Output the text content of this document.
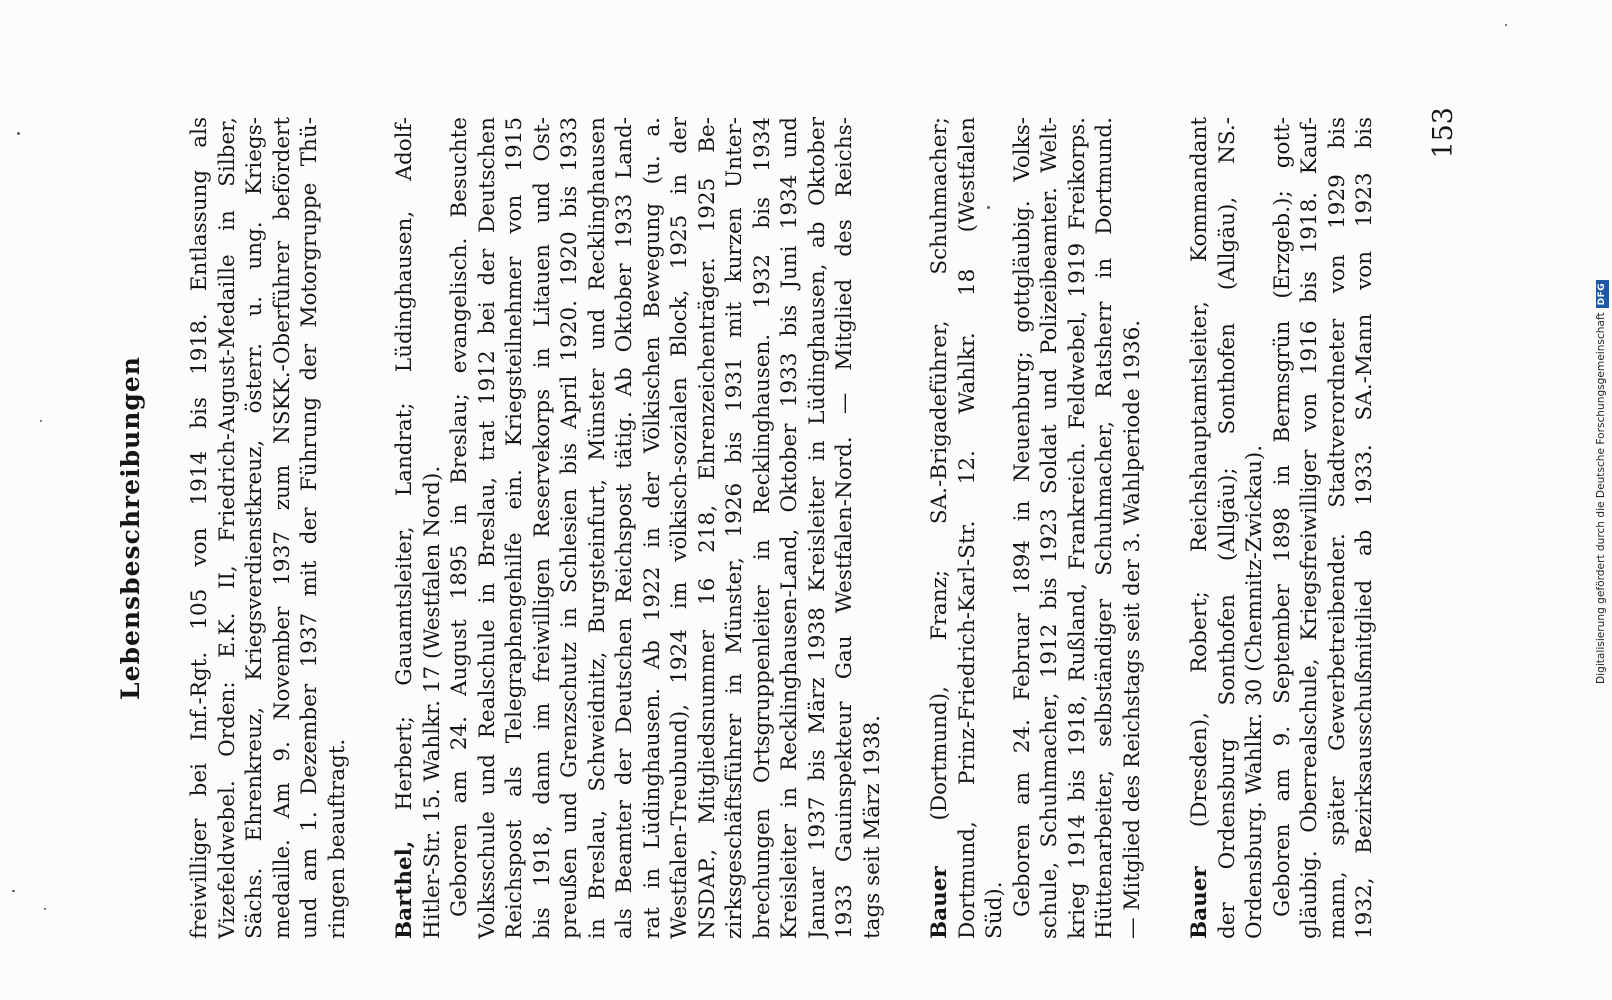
Lebensbeschreibungen freiwilliger bei Inf.-Rgt. 105 von 1914 bis 1918. Entlassung als Vizefeldwebel. Orden: E.K. II, Friedrich-August-Medaille in Silber, Sächs. Ehrenkreuz, Kriegsverdienstkreuz, österr. u. ung. Kriegs- medaille. Am 9. November 1937 zum NSKK.-Oberführer befördert und am 1. Dezember 1937 mit der Führung der Motorgruppe Thü- ringen beauftragt. Barthel, Herbert; Gauamtsleiter, Landrat; Lüdinghausen, Adolf- Hitler-Str. 15. Wahlkr. 17 (Westfalen Nord). Geboren am 24. August 1895 in Breslau; evangelisch. Besuchte Volksschule und Realschule in Breslau, trat 1912 bei der Deutschen Reichspost als Telegraphengehilfe ein. Kriegsteilnehmer von 1915 bis 1918, dann im freiwilligen Reservekorps in Litauen und Ost- preußen und Grenzschutz in Schlesien bis April 1920. 1920 bis 1933 in Breslau, Schweidnitz, Burgsteinfurt, Münster und Recklinghausen als Beamter der Deutschen Reichspost tätig. Ab Oktober 1933 Land- rat in Lüdinghausen. Ab 1922 in der Völkischen Bewegung (u. a. Westfalen-Treubund), 1924 im völkisch-sozialen Block, 1925 in der NSDAP., Mitgliedsnummer 16 218, Ehrenzeichenträger. 1925 Be- zirksgeschäftsführer in Münster, 1926 bis 1931 mit kurzen Unter- brechungen Ortsgruppenleiter in Recklinghausen. 1932 bis 1934 Kreisleiter in Recklinghausen-Land, Oktober 1933 bis Juni 1934 und Januar 1937 bis März 1938 Kreisleiter in Lüdinghausen, ab Oktober 1933 Gauinspekteur Gau Westfalen-Nord. — Mitglied des Reichs- tags seit März 1938. Bauer (Dortmund), Franz; SA.-Brigadeführer, Schuhmacher; Dortmund, Prinz-Friedrich-Karl-Str. 12. Wahlkr. 18 (Westfalen Süd). Geboren am 24. Februar 1894 in Neuenburg; gottgläubig. Volks- schule, Schuhmacher, 1912 bis 1923 Soldat und Polizeibeamter. Welt- krieg 1914 bis 1918, Rußland, Frankreich. Feldwebel, 1919 Freikorps. Hüttenarbeiter, selbständiger Schuhmacher, Ratsherr in Dortmund. — Mitglied des Reichstags seit der 3. Wahlperiode 1936. Bauer (Dresden), Robert; Reichshauptamtsleiter, Kommandant der Ordensburg Sonthofen (Allgäu); Sonthofen (Allgäu), NS.- Ordensburg. Wahlkr. 30 (Chemnitz-Zwickau). Geboren am 9. September 1898 in Bermsgrün (Erzgeb.); gott- gläubig. Oberrealschule, Kriegsfreiwilliger von 1916 bis 1918. Kauf- mann, später Gewerbetreibender. Stadtverordneter von 1929 bis 1932, Bezirksausschußmitglied ab 1933. SA.-Mann von 1923 bis 153
Digitalisierung gefördert durch die Deutsche ForschungsgemeinschaftDFG
